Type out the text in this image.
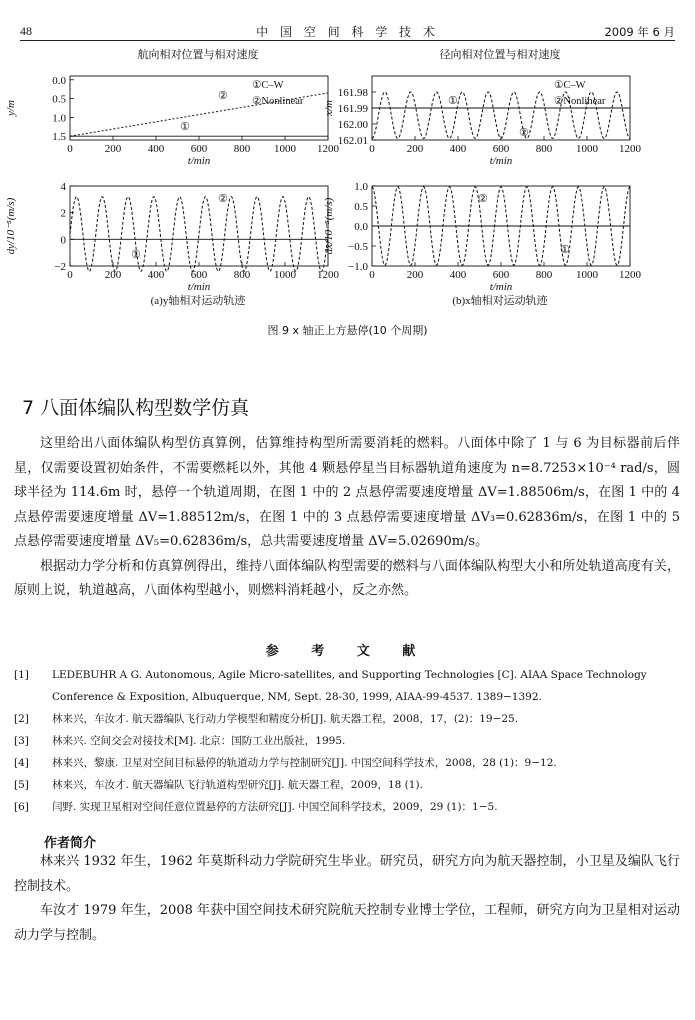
48	中 国 空 间 科 学 技 术	2009 年 6 月
航向相对位置与相对速度
0	200 400 600 800 1000 1200
t/min
0.0
0.5
1.0
1.5
y/m
①C–W
②Nonlinear
①
②
径向相对位置与相对速度
0	200 400 600 800 1000 1200
t/min
161.98
161.99
162.00
162.01
x/m
①C–W
②Nonlinear
①
②
0	200 400 600 800 1000 1200
t/min
4
2
0
−2
dy/10⁻⁵(m/s)
①
②
0	200 400 600 800 1000 1200
t/min
1.0
0.5
0.0
−0.5
−1.0
dx/10⁻⁵(m/s)	①
②
(a)y轴相对运动轨迹	(b)x轴相对运动轨迹
图 9 x 轴正上方悬停(10 个周期)
7 八面体编队构型数学仿真

这里给出八面体编队构型仿真算例，估算维持构型所需要消耗的燃料。八面体中除了 1 与 6 为目标器前后伴星，仅需要设置初始条件，不需要燃耗以外，其他 4 颗悬停星当目标器轨道角速度为 n=8.7253×10⁻⁴ rad/s，圆球半径为 114.6m 时，悬停一个轨道周期，在图 1 中的 2 点悬停需要速度增量 ΔV=1.88506m/s，在图 1 中的 4 点悬停需要速度增量 ΔV=1.88512m/s，在图 1 中的 3 点悬停需要速度增量 ΔV₃=0.62836m/s，在图 1 中的 5 点悬停需要速度增量 ΔV₅=0.62836m/s，总共需要速度增量 ΔV=5.02690m/s。

根据动力学分析和仿真算例得出，维持八面体编队构型需要的燃料与八面体编队构型大小和所处轨道高度有关，原则上说，轨道越高，八面体构型越小，则燃料消耗越小，反之亦然。

参 考 文 献
[1] LEDEBUHR A G. Autonomous, Agile Micro-satellites, and Supporting Technologies [C]. AIAA Space Technology Conference & Exposition, Albuquerque, NM, Sept. 28-30, 1999, AIAA-99-4537. 1389−1392.
[2] 林来兴，车汝才. 航天器编队飞行动力学模型和精度分析[J]. 航天器工程，2008，17，(2)：19−25.
[3] 林来兴. 空间交会对接技术[M]. 北京：国防工业出版社，1995.
[4] 林来兴，黎康. 卫星对空间目标悬停的轨道动力学与控制研究[J]. 中国空间科学技术，2008，28 (1)：9−12.
[5] 林来兴，车汝才. 航天器编队飞行轨道构型研究[J]. 航天器工程，2009，18 (1).
[6] 闫野. 实现卫星相对空间任意位置悬停的方法研究[J]. 中国空间科学技术，2009，29 (1)：1−5.
作者简介

林来兴 1932 年生，1962 年莫斯科动力学院研究生毕业。研究员，研究方向为航天器控制，小卫星及编队飞行控制技术。

车汝才 1979 年生，2008 年获中国空间技术研究院航天控制专业博士学位，工程师，研究方向为卫星相对运动动力学与控制。
